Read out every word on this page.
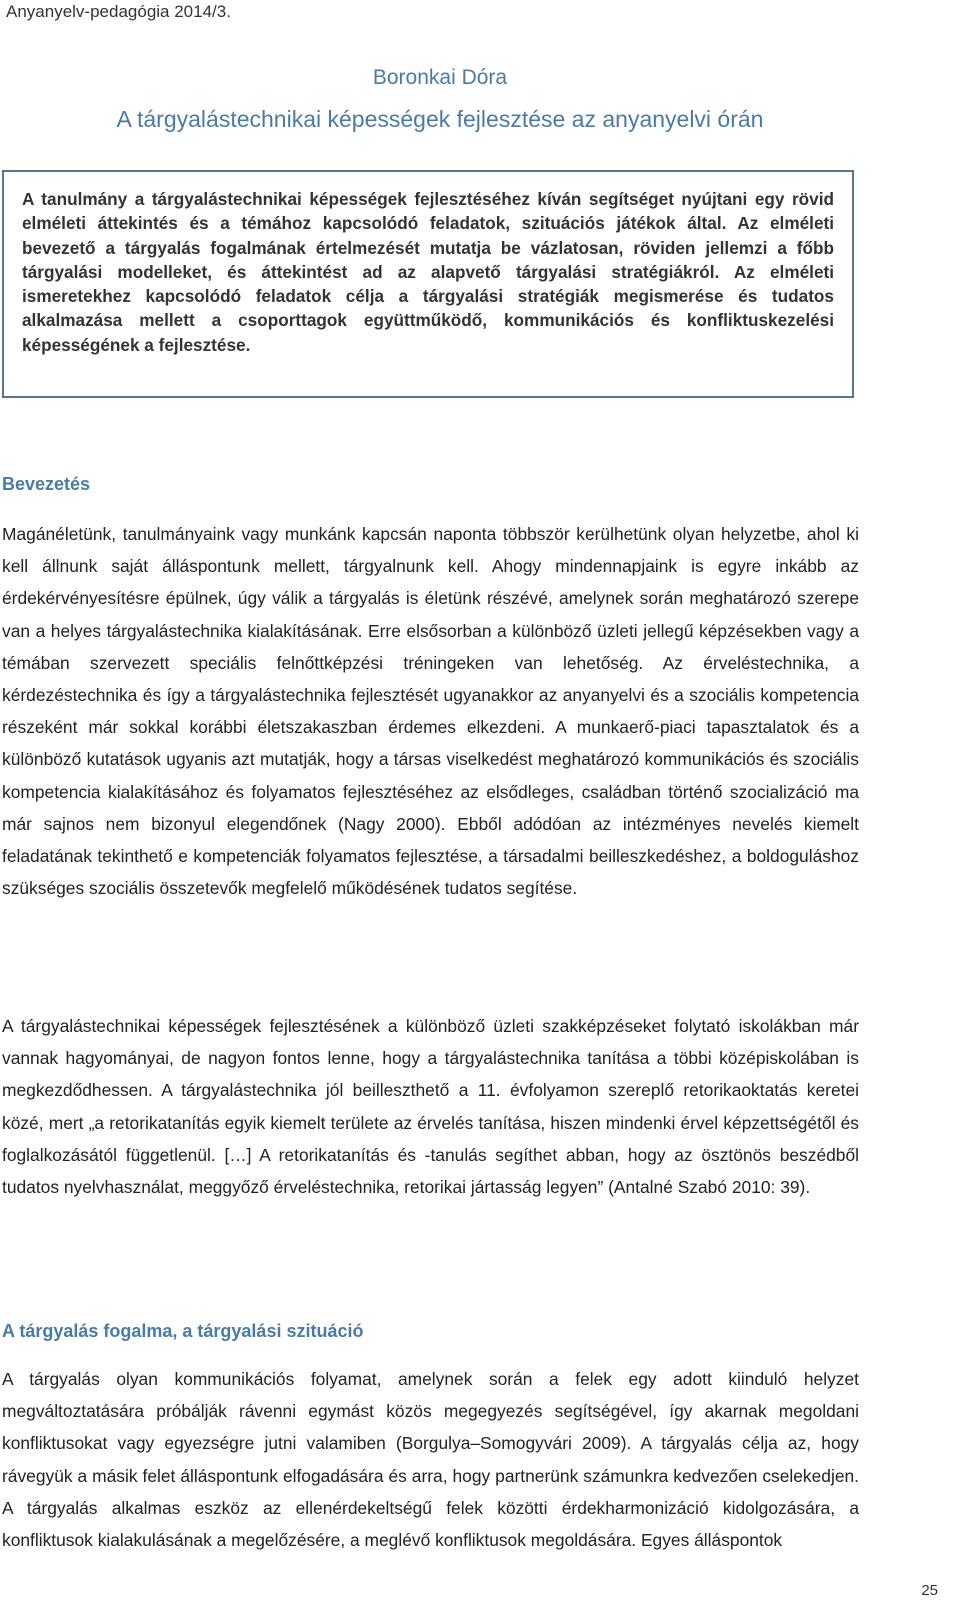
Anyanyelv-pedagógia 2014/3.
Boronkai Dóra
A tárgyalástechnikai képességek fejlesztése az anyanyelvi órán

A tanulmány a tárgyalástechnikai képességek fejlesztéséhez kíván segítséget nyújtani egy rövid elméleti áttekintés és a témához kapcsolódó feladatok, szituációs játékok által. Az elméleti bevezető a tárgyalás fogalmának értelmezését mutatja be vázlatosan, röviden jellemzi a főbb tárgyalási modelleket, és áttekintést ad az alapvető tárgyalási stratégiákról. Az elméleti ismeretekhez kapcsolódó feladatok célja a tárgyalási stratégiák megismerése és tudatos alkalmazása mellett a csoporttagok együttműködő, kommunikációs és konfliktuskezelési képességének a fejlesztése.

Bevezetés

Magánéletünk, tanulmányaink vagy munkánk kapcsán naponta többször kerülhetünk olyan helyzetbe, ahol ki kell állnunk saját álláspontunk mellett, tárgyalnunk kell. Ahogy mindennapjaink is egyre inkább az érdekérvényesítésre épülnek, úgy válik a tárgyalás is életünk részévé, amelynek során meghatározó szerepe van a helyes tárgyalástechnika kialakításának. Erre elsősorban a különböző üzleti jellegű képzésekben vagy a témában szervezett speciális felnőttképzési tréningeken van lehetőség. Az érveléstechnika, a kérdezéstechnika és így a tárgyalástechnika fejlesztését ugyanakkor az anyanyelvi és a szociális kompetencia részeként már sokkal korábbi életszakaszban érdemes elkezdeni. A munkaerő-piaci tapasztalatok és a különböző kutatások ugyanis azt mutatják, hogy a társas viselkedést meghatározó kommunikációs és szociális kompetencia kialakításához és folyamatos fejlesztéséhez az elsődleges, családban történő szocializáció ma már sajnos nem bizonyul elegendőnek (Nagy 2000). Ebből adódóan az intézményes nevelés kiemelt feladatának tekinthető e kompetenciák folyamatos fejlesztése, a társadalmi beilleszkedéshez, a boldoguláshoz szükséges szociális összetevők megfelelő működésének tudatos segítése.

A tárgyalástechnikai képességek fejlesztésének a különböző üzleti szakképzéseket folytató iskolákban már vannak hagyományai, de nagyon fontos lenne, hogy a tárgyalástechnika tanítása a többi középiskolában is megkezdődhessen. A tárgyalástechnika jól beilleszthető a 11. évfolyamon szereplő retorikaoktatás keretei közé, mert „a retorikatanítás egyik kiemelt területe az érvelés tanítása, hiszen mindenki érvel képzettségétől és foglalkozásától függetlenül. […] A retorikatanítás és -tanulás segíthet abban, hogy az ösztönös beszédből tudatos nyelvhasználat, meggyőző érveléstechnika, retorikai jártasság legyen” (Antalné Szabó 2010: 39).

A tárgyalás fogalma, a tárgyalási szituáció

A tárgyalás olyan kommunikációs folyamat, amelynek során a felek egy adott kiinduló helyzet megváltoztatására próbálják rávenni egymást közös megegyezés segítségével, így akarnak megoldani konfliktusokat vagy egyezségre jutni valamiben (Borgulya–Somogyvári 2009). A tárgyalás célja az, hogy rávegyük a másik felet álláspontunk elfogadására és arra, hogy partnerünk számunkra kedvezően cselekedjen. A tárgyalás alkalmas eszköz az ellenérdekeltségű felek közötti érdekharmonizáció kidolgozására, a konfliktusok kialakulásának a megelőzésére, a meglévő konfliktusok megoldására. Egyes álláspontok

25
